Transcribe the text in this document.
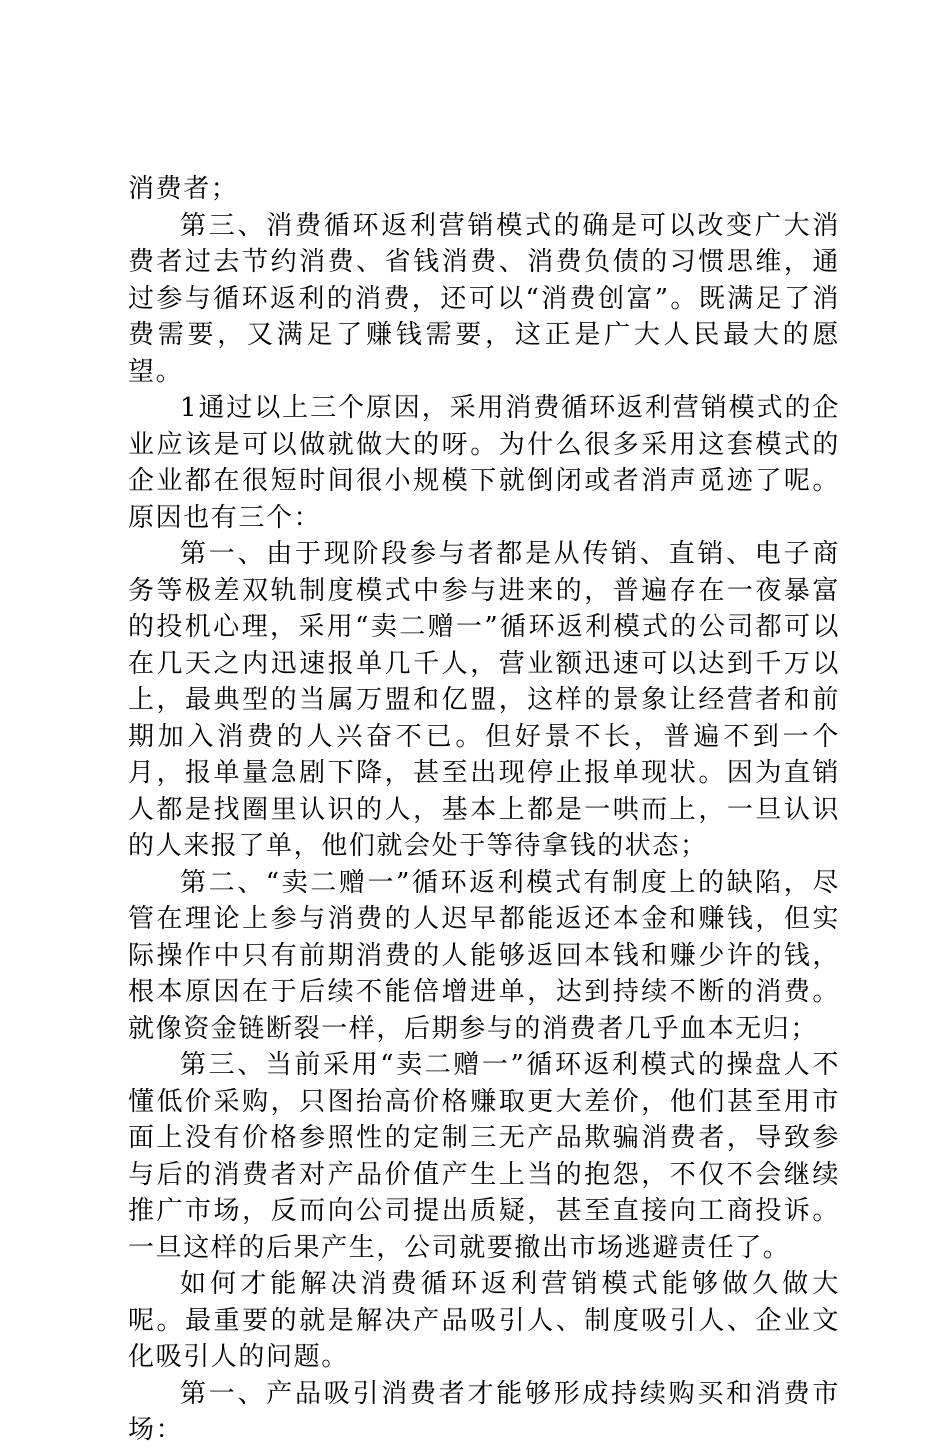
消费者；

第三、消费循环返利营销模式的确是可以改变广大消费者过去节约消费、省钱消费、消费负债的习惯思维，通过参与循环返利的消费，还可以“消费创富”。既满足了消费需要，又满足了赚钱需要，这正是广大人民最大的愿望。

1通过以上三个原因，采用消费循环返利营销模式的企业应该是可以做就做大的呀。为什么很多采用这套模式的企业都在很短时间很小规模下就倒闭或者消声觅迹了呢。原因也有三个：

第一、由于现阶段参与者都是从传销、直销、电子商务等极差双轨制度模式中参与进来的，普遍存在一夜暴富的投机心理，采用“卖二赠一”循环返利模式的公司都可以在几天之内迅速报单几千人，营业额迅速可以达到千万以上，最典型的当属万盟和亿盟，这样的景象让经营者和前期加入消费的人兴奋不已。但好景不长，普遍不到一个月，报单量急剧下降，甚至出现停止报单现状。因为直销人都是找圈里认识的人，基本上都是一哄而上，一旦认识的人来报了单，他们就会处于等待拿钱的状态；

第二、“卖二赠一”循环返利模式有制度上的缺陷，尽管在理论上参与消费的人迟早都能返还本金和赚钱，但实际操作中只有前期消费的人能够返回本钱和赚少许的钱，根本原因在于后续不能倍增进单，达到持续不断的消费。就像资金链断裂一样，后期参与的消费者几乎血本无归；

第三、当前采用“卖二赠一”循环返利模式的操盘人不懂低价采购，只图抬高价格赚取更大差价，他们甚至用市面上没有价格参照性的定制三无产品欺骗消费者，导致参与后的消费者对产品价值产生上当的抱怨，不仅不会继续推广市场，反而向公司提出质疑，甚至直接向工商投诉。一旦这样的后果产生，公司就要撤出市场逃避责任了。

如何才能解决消费循环返利营销模式能够做久做大呢。最重要的就是解决产品吸引人、制度吸引人、企业文化吸引人的问题。

第一、产品吸引消费者才能够形成持续购买和消费市场：
